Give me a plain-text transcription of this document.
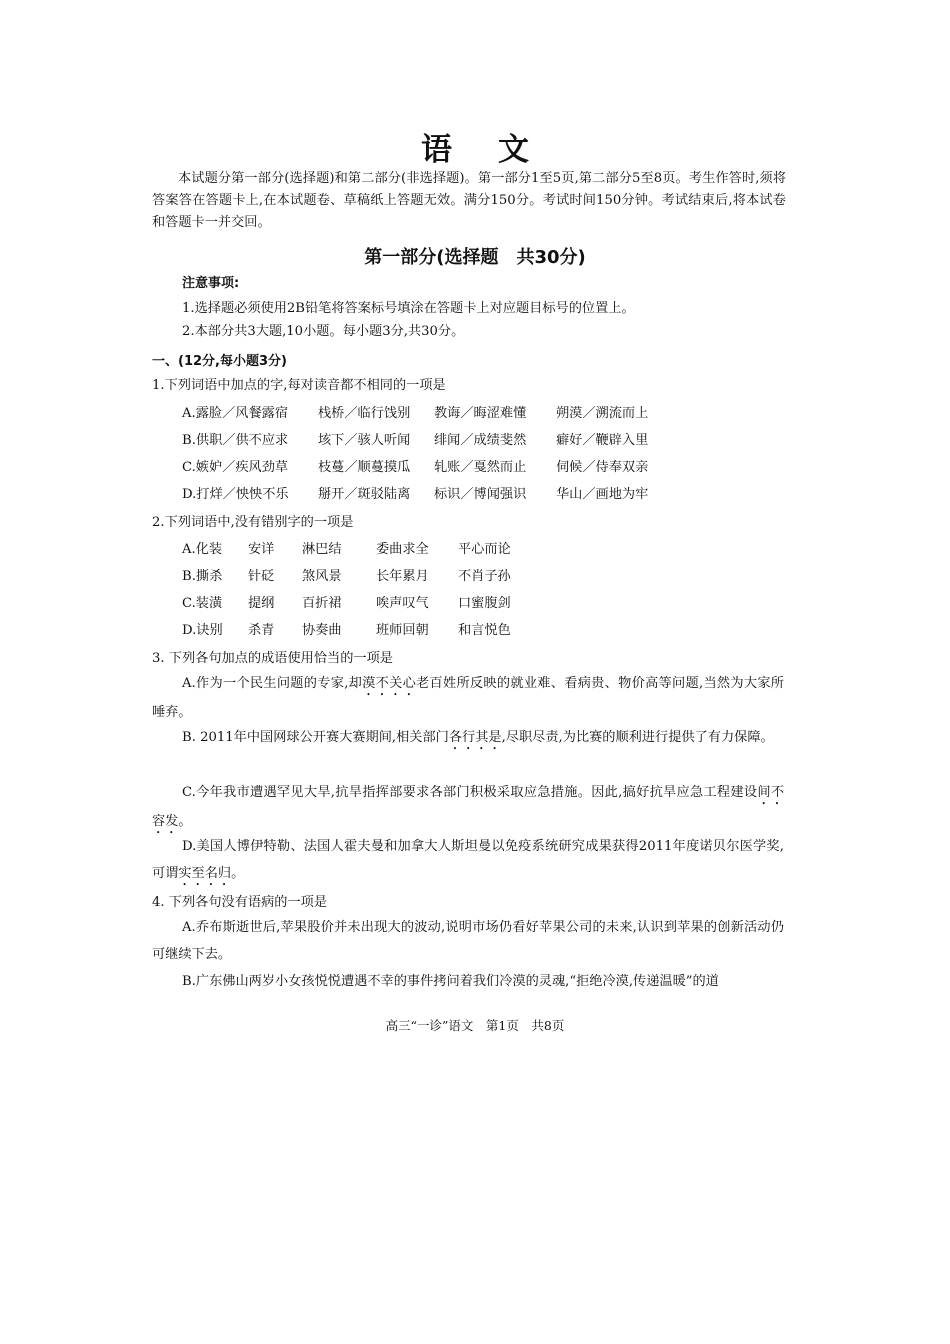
语文
本试题分第一部分(选择题)和第二部分(非选择题)。第一部分1至5页,第二部分5至8页。考生作答时,须将答案答在答题卡上,在本试题卷、草稿纸上答题无效。满分150分。考试时间150分钟。考试结束后,将本试卷和答题卡一并交回。
第一部分(选择题　共30分)
注意事项:
1.选择题必须使用2B铅笔将答案标号填涂在答题卡上对应题目标号的位置上。
2.本部分共3大题,10小题。每小题3分,共30分。
一、(12分,每小题3分)
1.下列词语中加点的字,每对读音都不相同的一项是
A.露脸／风餐露宿 栈桥／临行饯别 教诲／晦涩难懂 朔漠／溯流而上
B.供职／供不应求 垓下／骇人听闻 绯闻／成绩斐然 癖好／鞭辟入里
C.嫉妒／疾风劲草 枝蔓／顺蔓摸瓜 轧账／戛然而止 伺候／侍奉双亲
D.打烊／怏怏不乐 掰开／斑驳陆离 标识／博闻强识 华山／画地为牢
2.下列词语中,没有错别字的一项是
A.化装 安详 淋巴结	委曲求全 平心而论
B.撕杀 针砭 煞风景	长年累月 不肖子孙
C.装潢 提纲 百折裙	唉声叹气 口蜜腹剑
D.诀别 杀青 协奏曲	班师回朝 和言悦色
3. 下列各句加点的成语使用恰当的一项是
A.作为一个民生问题的专家,却漠不关心老百姓所反映的就业难、看病贵、物价高等问题,当然为大家所唾弃。
B. 2011年中国网球公开赛大赛期间,相关部门各行其是,尽职尽责,为比赛的顺利进行提供了有力保障。
C.今年我市遭遇罕见大旱,抗旱指挥部要求各部门积极采取应急措施。因此,搞好抗旱应急工程建设间不容发。
D.美国人博伊特勒、法国人霍夫曼和加拿大人斯坦曼以免疫系统研究成果获得2011年度诺贝尔医学奖,可谓实至名归。
4. 下列各句没有语病的一项是
A.乔布斯逝世后,苹果股价并未出现大的波动,说明市场仍看好苹果公司的未来,认识到苹果的创新活动仍可继续下去。
B.广东佛山两岁小女孩悦悦遭遇不幸的事件拷问着我们冷漠的灵魂,“拒绝冷漠,传递温暖”的道
高三“一诊”语文　第1页　共8页
